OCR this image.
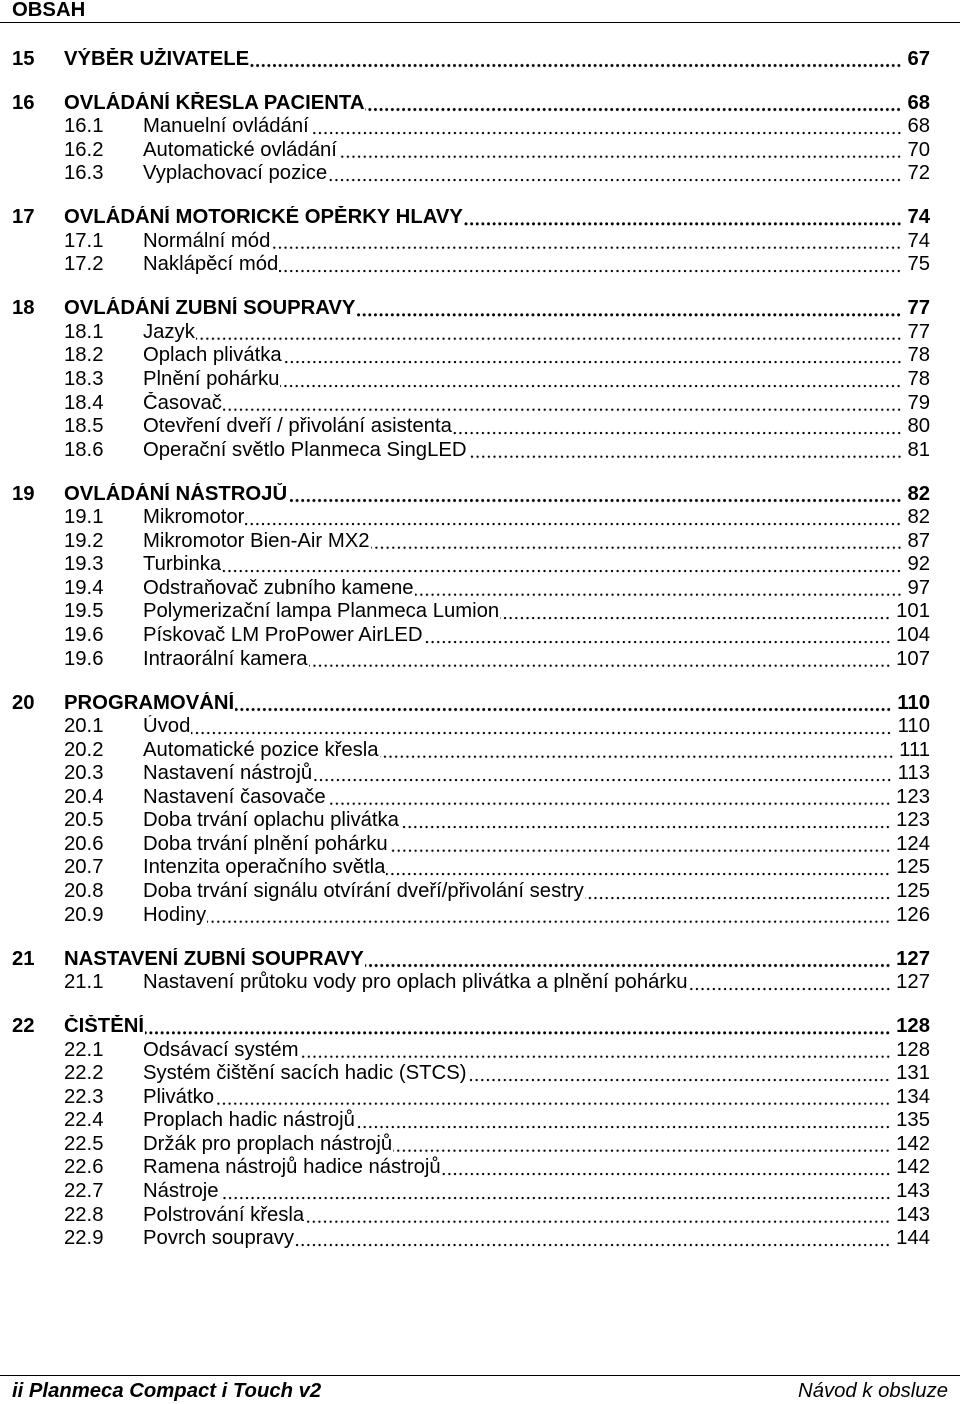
OBSAH
15	VÝBĚR UŽIVATELE	67
16	OVLÁDÁNÍ KŘESLA PACIENTA	68
16.1	Manuelní ovládání	68
16.2	Automatické ovládání	70
16.3	Vyplachovací pozice	72
17	OVLÁDÁNÍ MOTORICKÉ OPĚRKY HLAVY	74
17.1	Normální mód	74
17.2	Naklápěcí mód	75
18	OVLÁDÁNÍ ZUBNÍ SOUPRAVY	77
18.1	Jazyk	77
18.2	Oplach plivátka	78
18.3	Plnění pohárku	78
18.4	Časovač	79
18.5	Otevření dveří / přivolání asistenta	80
18.6	Operační světlo Planmeca SingLED	81
19	OVLÁDÁNÍ NÁSTROJŮ	82
19.1	Mikromotor	82
19.2	Mikromotor Bien-Air MX2	87
19.3	Turbinka	92
19.4	Odstraňovač zubního kamene	97
19.5	Polymerizační lampa Planmeca Lumion	101
19.6	Pískovač LM ProPower AirLED	104
19.6	Intraorální kamera	107
20	PROGRAMOVÁNÍ	110
20.1	Úvod	110
20.2	Automatické pozice křesla	111
20.3	Nastavení nástrojů	113
20.4	Nastavení časovače	123
20.5	Doba trvání oplachu plivátka	123
20.6	Doba trvání plnění pohárku	124
20.7	Intenzita operačního světla	125
20.8	Doba trvání signálu otvírání dveří/přivolání sestry	125
20.9	Hodiny	126
21	NASTAVENÍ ZUBNÍ SOUPRAVY	127
21.1	Nastavení průtoku vody pro oplach plivátka a plnění pohárku	127
22	ČIŠTĚNÍ	128
22.1	Odsávací systém	128
22.2	Systém čištění sacích hadic (STCS)	131
22.3	Plivátko	134
22.4	Proplach hadic nástrojů	135
22.5	Držák pro proplach nástrojů	142
22.6	Ramena nástrojů hadice nástrojů	142
22.7	Nástroje	143
22.8	Polstrování křesla	143
22.9	Povrch soupravy	144
ii Planmeca Compact i Touch v2	Návod k obsluze
